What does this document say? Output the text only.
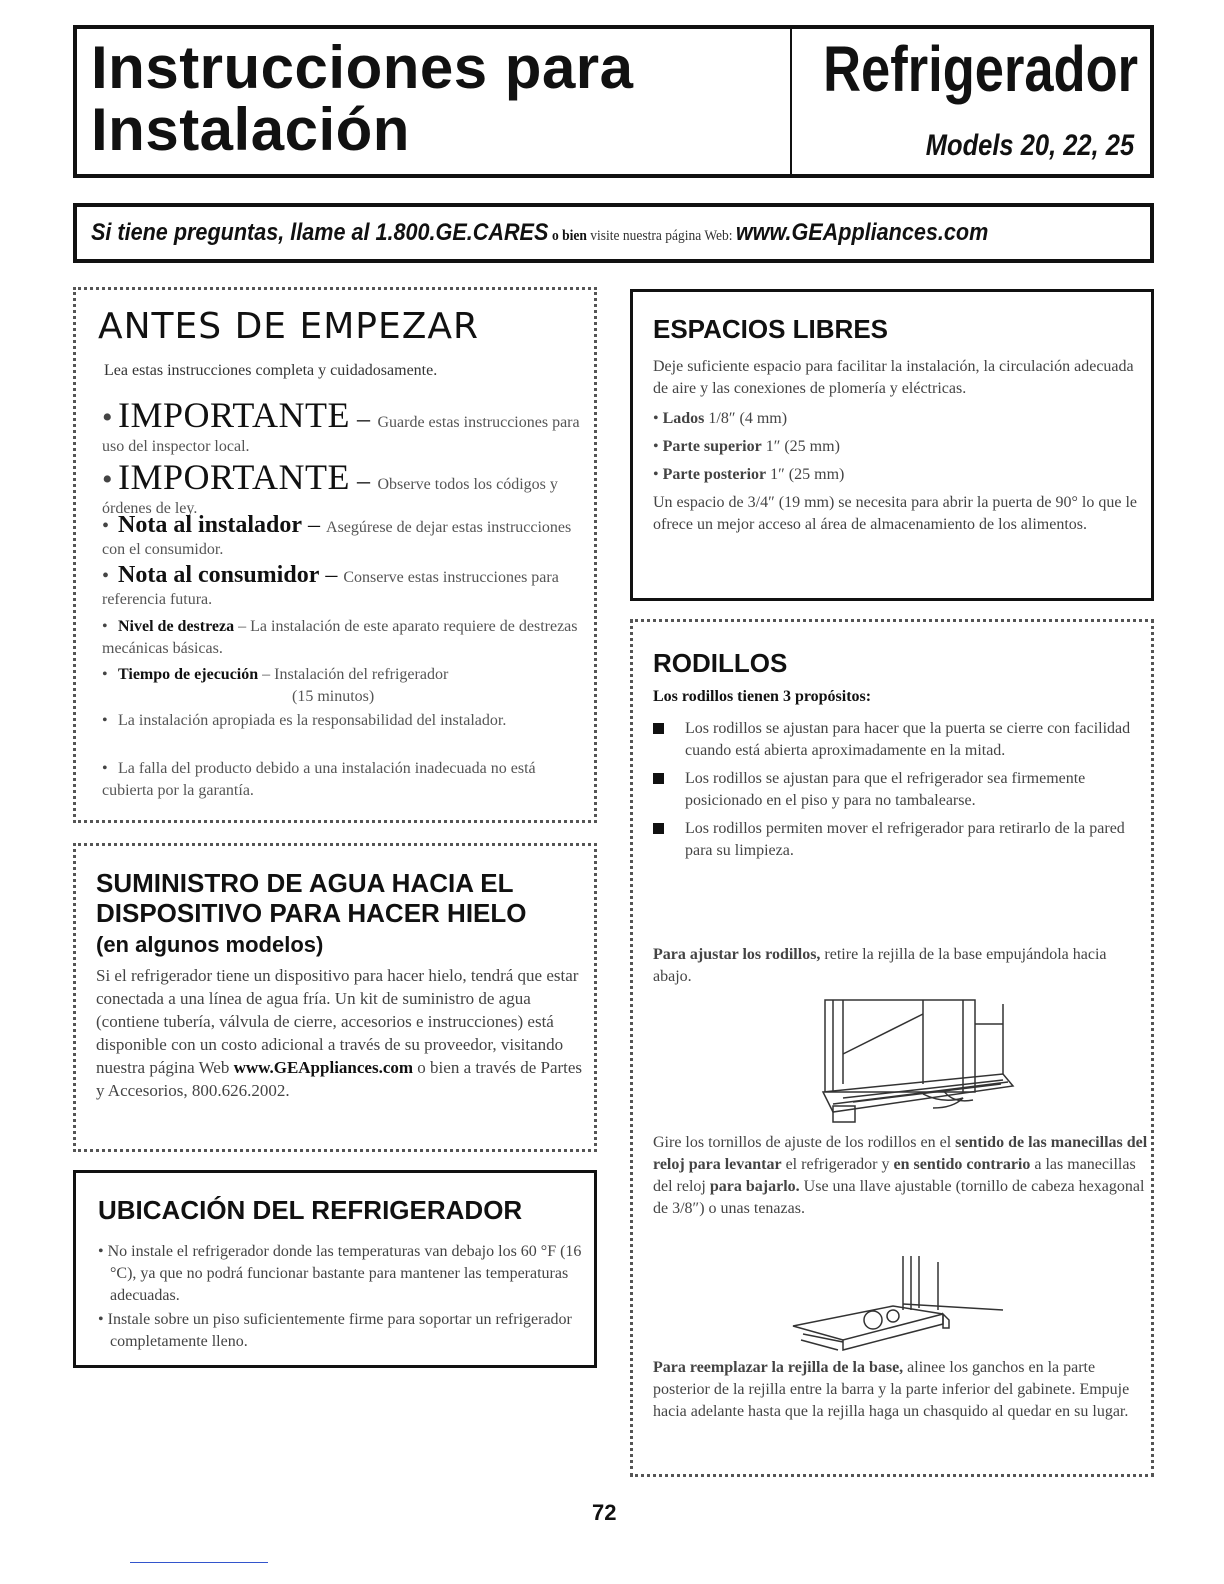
Instrucciones para
Instalación
Refrigerador
Models 20, 22, 25
Si tiene preguntas, llame al 1.800.GE.CARES o bien visite nuestra página Web: www.GEAppliances.com
ANTES DE EMPEZAR
Lea estas instrucciones completa y cuidadosamente.
• IMPORTANTE – Guarde estas instrucciones para uso del inspector local.
• IMPORTANTE – Observe todos los códigos y órdenes de ley.
• Nota al instalador – Asegúrese de dejar estas instrucciones con el consumidor.
• Nota al consumidor – Conserve estas instrucciones para referencia futura.
• Nivel de destreza – La instalación de este aparato requiere de destrezas mecánicas básicas.
• Tiempo de ejecución – Instalación del refrigerador
(15 minutos)
• La instalación apropiada es la responsabilidad del instalador.
• La falla del producto debido a una instalación inadecuada no está cubierta por la garantía.
SUMINISTRO DE AGUA HACIA EL DISPOSITIVO PARA HACER HIELO
(en algunos modelos)
Si el refrigerador tiene un dispositivo para hacer hielo, tendrá que estar conectada a una línea de agua fría. Un kit de suministro de agua (contiene tubería, válvula de cierre, accesorios e instrucciones) está disponible con un costo adicional a través de su proveedor, visitando nuestra página Web www.GEAppliances.com o bien a través de Partes y Accesorios, 800.626.2002.
UBICACIÓN DEL REFRIGERADOR
• No instale el refrigerador donde las temperaturas van debajo los 60 °F (16 °C), ya que no podrá funcionar bastante para mantener las temperaturas adecuadas.
• Instale sobre un piso suficientemente firme para soportar un refrigerador completamente lleno.
ESPACIOS LIBRES
Deje suficiente espacio para facilitar la instalación, la circulación adecuada de aire y las conexiones de plomería y eléctricas.
• Lados 1/8″ (4 mm)
• Parte superior 1″ (25 mm)
• Parte posterior 1″ (25 mm)
Un espacio de 3/4″ (19 mm) se necesita para abrir la puerta de 90° lo que le ofrece un mejor acceso al área de almacenamiento de los alimentos.
RODILLOS
Los rodillos tienen 3 propósitos:
Los rodillos se ajustan para hacer que la puerta se cierre con facilidad cuando está abierta aproximadamente en la mitad.
Los rodillos se ajustan para que el refrigerador sea firmemente posicionado en el piso y para no tambalearse.
Los rodillos permiten mover el refrigerador para retirarlo de la pared para su limpieza.
Para ajustar los rodillos, retire la rejilla de la base empujándola hacia abajo.
Gire los tornillos de ajuste de los rodillos en el sentido de las manecillas del reloj para levantar el refrigerador y en sentido contrario a las manecillas del reloj para bajarlo. Use una llave ajustable (tornillo de cabeza hexagonal de 3/8″) o unas tenazas.
Para reemplazar la rejilla de la base, alinee los ganchos en la parte posterior de la rejilla entre la barra y la parte inferior del gabinete. Empuje hacia adelante hasta que la rejilla haga un chasquido al quedar en su lugar.
72
